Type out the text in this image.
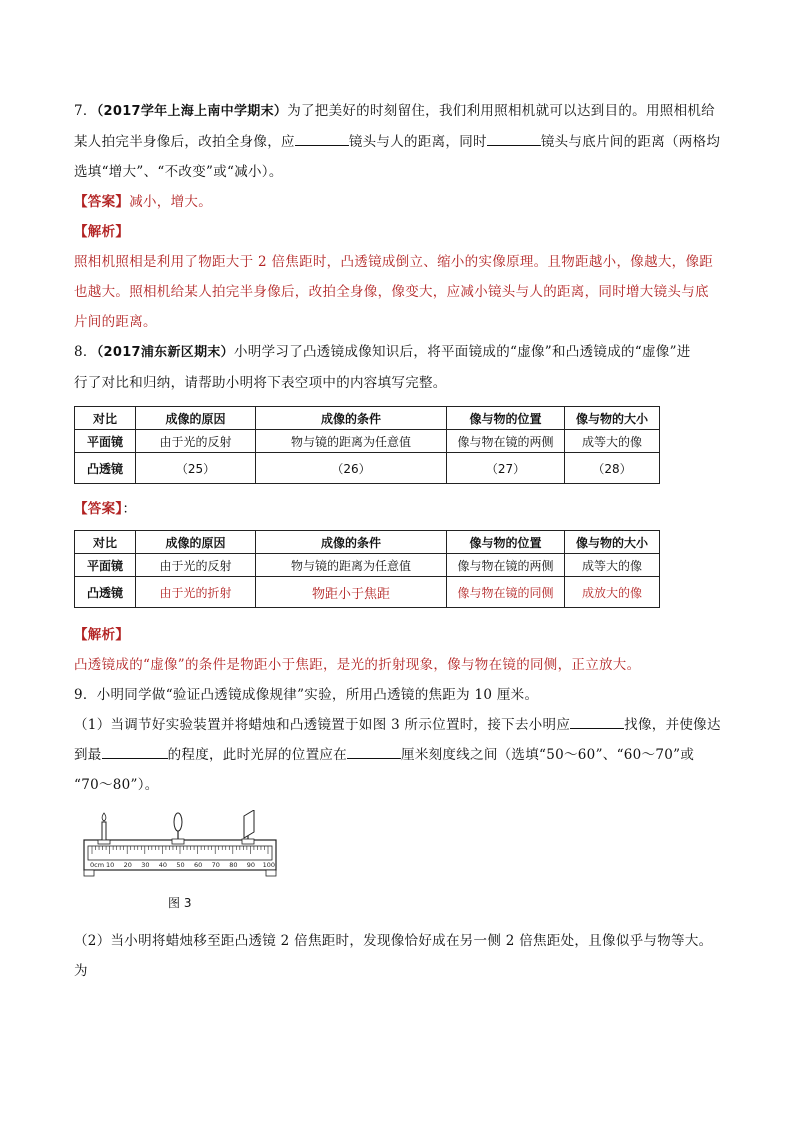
7．（2017学年上海上南中学期末）为了把美好的时刻留住，我们利用照相机就可以达到目的。用照相机给

某人拍完半身像后，改拍全身像，应	镜头与人的距离，同时	镜头与底片间的距离（两格均

选填“增大”、“不改变”或“减小）。

【答案】减小，增大。

【解析】

照相机照相是利用了物距大于 2 倍焦距时，凸透镜成倒立、缩小的实像原理。且物距越小，像越大，像距

也越大。照相机给某人拍完半身像后，改拍全身像，像变大，应减小镜头与人的距离，同时增大镜头与底

片间的距离。

8．（2017浦东新区期末）小明学习了凸透镜成像知识后，将平面镜成的“虚像”和凸透镜成的“虚像”进

行了对比和归纳，请帮助小明将下表空项中的内容填写完整。

对比	成像的原因	成像的条件	像与物的位置	像与物的大小
平面镜	由于光的反射	物与镜的距离为任意值	像与物在镜的两侧	成等大的像
凸透镜	（25）	（26）	（27）	（28）

【答案】：

对比	成像的原因	成像的条件	像与物的位置	像与物的大小
平面镜	由于光的反射	物与镜的距离为任意值	像与物在镜的两侧	成等大的像
凸透镜	由于光的折射	物距小于焦距	像与物在镜的同侧	成放大的像

【解析】

凸透镜成的“虚像”的条件是物距小于焦距，是光的折射现象，像与物在镜的同侧，正立放大。

9．小明同学做“验证凸透镜成像规律”实验，所用凸透镜的焦距为 10 厘米。

（1）当调节好实验装置并将蜡烛和凸透镜置于如图 3 所示位置时，接下去小明应	找像，并使像达

到最	的程度，此时光屏的位置应在	厘米刻度线之间（选填“50～60”、“60～70”或

“70～80”）。

0cm 10 20 30 40 50 60 70 80 90 100
图 3

（2）当小明将蜡烛移至距凸透镜 2 倍焦距时，发现像恰好成在另一侧 2 倍焦距处，且像似乎与物等大。为
